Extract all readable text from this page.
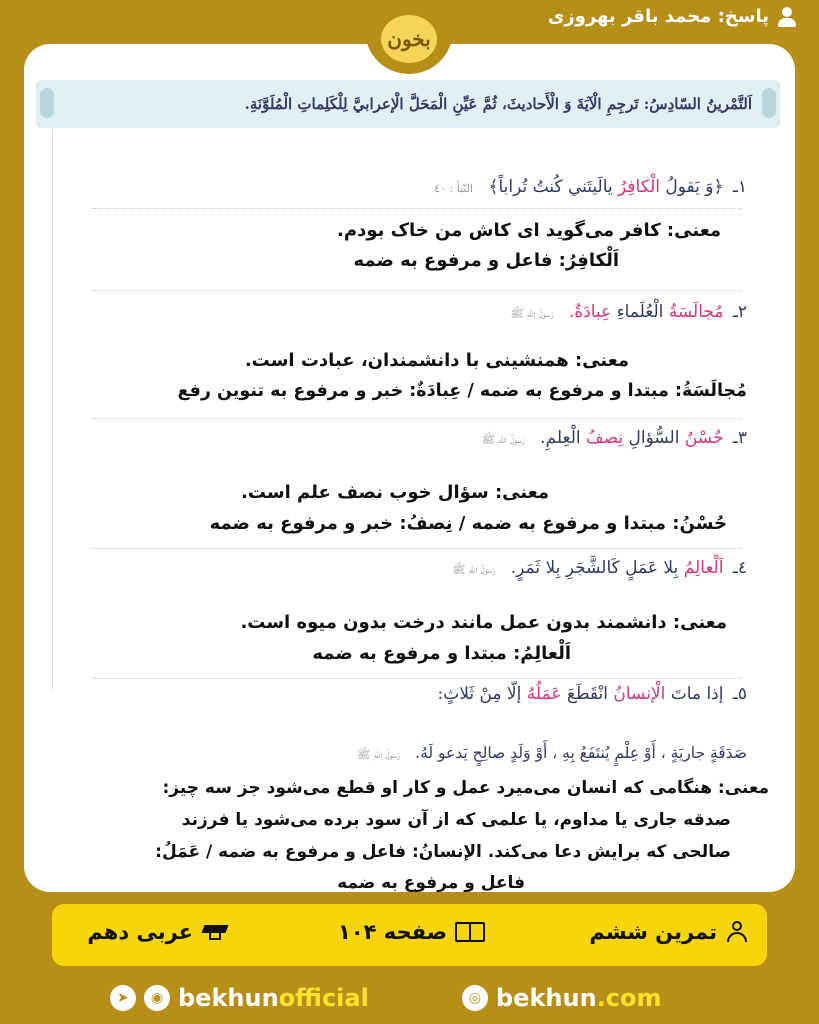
پاسخ: محمد باقر بهروزی
بخون
اَلتَّمْرينُ السّادِسُ: تَرجِمِ الْآيَةَ وَ الْأَحاديثَ، ثُمَّ عَيِّنِ الْمَحَلَّ الْإعرابيَّ لِلْكَلِماتِ الْمُلَوَّنَةِ.
١ـ ﴿وَ يَقولُ الْكافِرُ يالَيتَني كُنتُ تُراباً﴾ النّبأ : ٤٠
معنی: کافر می‌گوید ای کاش من خاک بودم.
اَلْکافِرُ: فاعل و مرفوع به ضمه
٢ـ مُجالَسَةُ الْعُلَماءِ عِبادَةٌ. رَسولُ اللهِ ﷺ
معنی: همنشینی با دانشمندان، عبادت است.
مُجالَسَةُ: مبتدا و مرفوع به ضمه / عِبادَةٌ: خبر و مرفوع به تنوین رفع
٣ـ حُسْنُ السُّؤالِ نِصفُ الْعِلمِ. رَسولُ اللهِ ﷺ
معنی: سؤال خوب نصف علم است.
حُسْنُ: مبتدا و مرفوع به ضمه / نِصفُ: خبر و مرفوع به ضمه
٤ـ اَلْعالِمُ بِلا عَمَلٍ كَالشَّجَرِ بِلا ثَمَرٍ. رَسولُ اللهِ ﷺ
معنی: دانشمند بدون عمل مانند درخت بدون میوه است.
اَلْعالِمُ: مبتدا و مرفوع به ضمه
٥ـ إذا ماتَ الْإنسانُ انْقَطَعَ عَمَلُهُ إلّا مِنْ ثَلاثٍ:
صَدَقَةٍ جاريَةٍ ، أَوْ عِلْمٍ يُنتَفَعُ بِهِ ، أَوْ وَلَدٍ صالِحٍ يَدعو لَهُ. رَسولُ اللهِ ﷺ
معنی: هنگامی که انسان می‌میرد عمل و کار او قطع می‌شود جز سه چیز:
صدقه جاری یا مداوم، یا علمی که از آن سود برده می‌شود یا فرزند
صالحی که برایش دعا می‌کند. الإنسانُ: فاعل و مرفوع به ضمه / عَمَلُ:
فاعل و مرفوع به ضمه
تمرین ششم
صفحه ۱۰۴
عربی دهم
➤	◉ bekhunofficial	◎ bekhun.com
